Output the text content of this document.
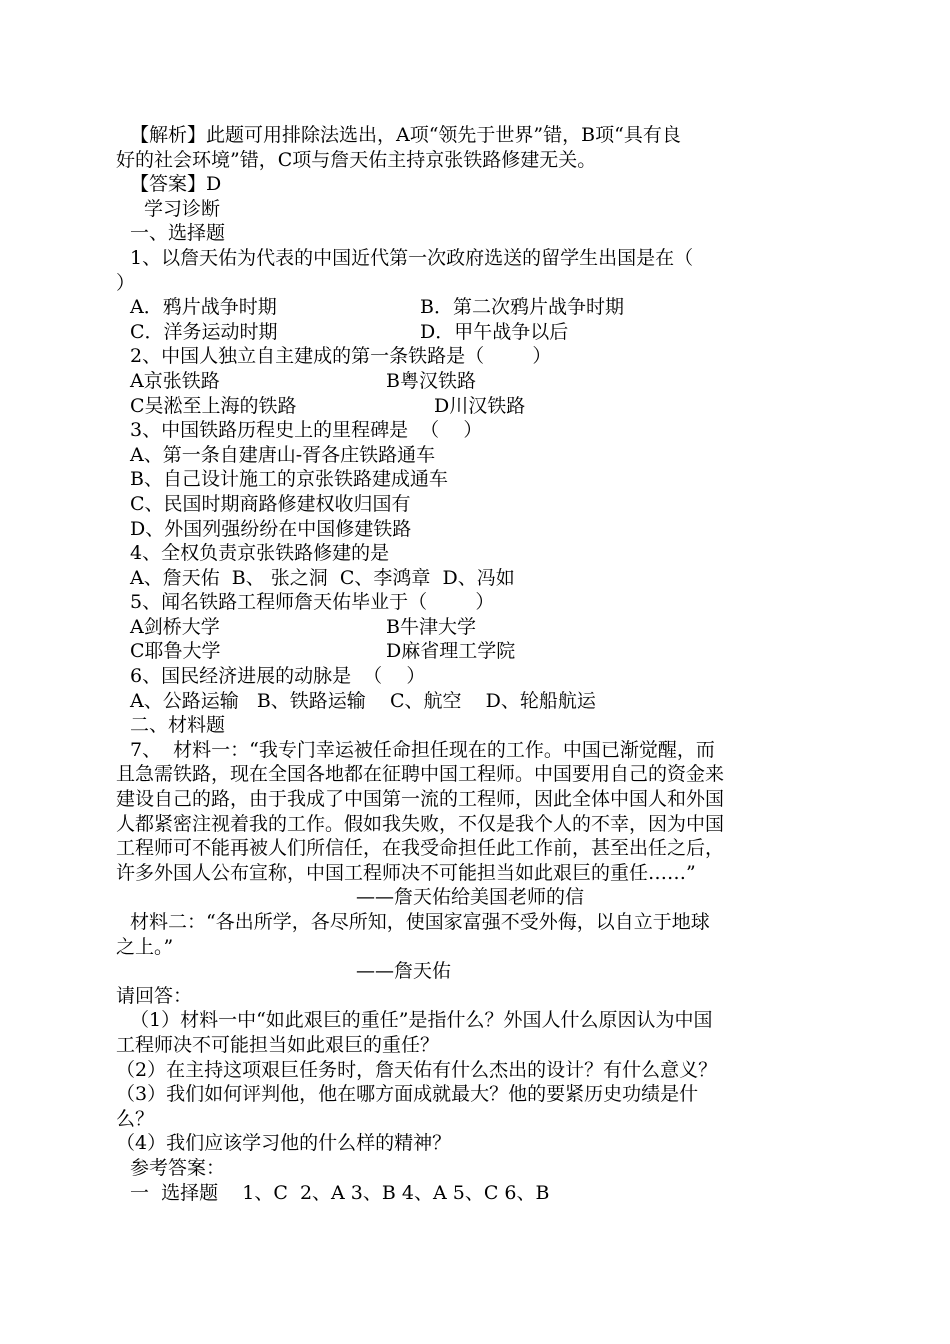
【解析】此题可用排除法选出，A项“领先于世界”错，B项“具有良
好的社会环境”错，C项与詹天佑主持京张铁路修建无关。
【答案】D
学习诊断
一、选择题
1、以詹天佑为代表的中国近代第一次政府选送的留学生出国是在（
）
A．鸦片战争时期	B．第二次鸦片战争时期
C．洋务运动时期	D．甲午战争以后
2、中国人独立自主建成的第一条铁路是（        ）
A京张铁路	B粤汉铁路
C吴淞至上海的铁路	D川汉铁路
3、中国铁路历程史上的里程碑是  （    ）
A、第一条自建唐山-胥各庄铁路通车
B、自己设计施工的京张铁路建成通车
C、民国时期商路修建权收归国有
D、外国列强纷纷在中国修建铁路
4、全权负责京张铁路修建的是
A、詹天佑  B、 张之洞  C、李鸿章  D、冯如
5、闻名铁路工程师詹天佑毕业于（        ）
A剑桥大学	B牛津大学
C耶鲁大学	D麻省理工学院
6、国民经济进展的动脉是  （    ）
A、公路运输   B、铁路运输    C、航空    D、轮船航运
二、材料题
7、  材料一：“我专门幸运被任命担任现在的工作。中国已渐觉醒，而
且急需铁路，现在全国各地都在征聘中国工程师。中国要用自己的资金来
建设自己的路，由于我成了中国第一流的工程师，因此全体中国人和外国
人都紧密注视着我的工作。假如我失败，不仅是我个人的不幸，因为中国
工程师可不能再被人们所信任，在我受命担任此工作前，甚至出任之后，
许多外国人公布宣称，中国工程师决不可能担当如此艰巨的重任……”
——詹天佑给美国老师的信
材料二：“各出所学，各尽所知，使国家富强不受外侮，以自立于地球
之上。”
——詹天佑
请回答：
（1）材料一中“如此艰巨的重任”是指什么？外国人什么原因认为中国
工程师决不可能担当如此艰巨的重任？
（2）在主持这项艰巨任务时，詹天佑有什么杰出的设计？有什么意义？
（3）我们如何评判他，他在哪方面成就最大？他的要紧历史功绩是什
么？
（4）我们应该学习他的什么样的精神？
参考答案：
一  选择题    1、C  2、A 3、B 4、A 5、C 6、B
